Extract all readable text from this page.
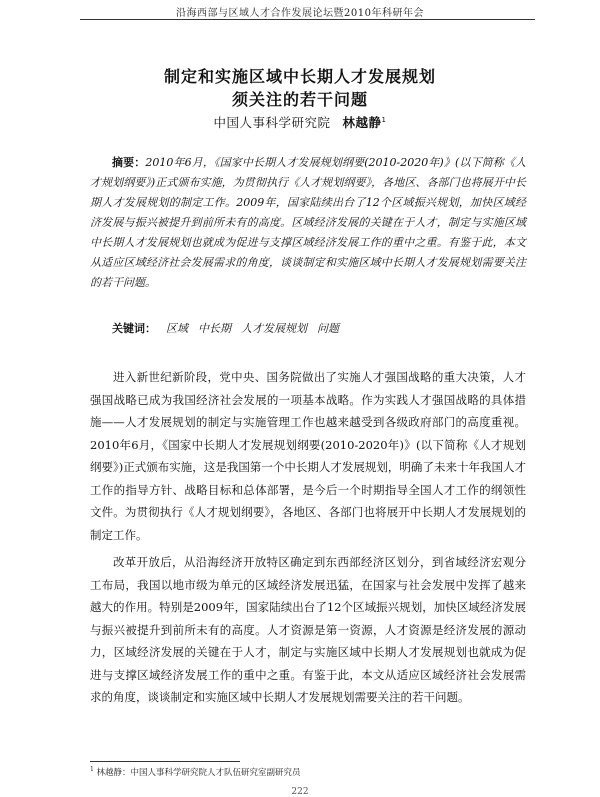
沿海西部与区域人才合作发展论坛暨2010年科研年会
制定和实施区域中长期人才发展规划
须关注的若干问题
中国人事科学研究院 林越静$^1$

摘要：2010年6月，《国家中长期人才发展规划纲要(2010-2020年)》(以下简称《人才规划纲要》)正式颁布实施，为贯彻执行《人才规划纲要》，各地区、各部门也将展开中长期人才发展规划的制定工作。2009年，国家陆续出台了12个区域振兴规划，加快区域经济发展与振兴被提升到前所未有的高度。区域经济发展的关键在于人才，制定与实施区域中长期人才发展规划也就成为促进与支撑区域经济发展工作的重中之重。有鉴于此，本文从适应区域经济社会发展需求的角度，谈谈制定和实施区域中长期人才发展规划需要关注的若干问题。

关键词： 区域 中长期 人才发展规划 问题

进入新世纪新阶段，党中央、国务院做出了实施人才强国战略的重大决策，人才强国战略已成为我国经济社会发展的一项基本战略。作为实践人才强国战略的具体措施——人才发展规划的制定与实施管理工作也越来越受到各级政府部门的高度重视。2010年6月，《国家中长期人才发展规划纲要(2010-2020年)》(以下简称《人才规划纲要》)正式颁布实施，这是我国第一个中长期人才发展规划，明确了未来十年我国人才工作的指导方针、战略目标和总体部署，是今后一个时期指导全国人才工作的纲领性文件。为贯彻执行《人才规划纲要》，各地区、各部门也将展开中长期人才发展规划的制定工作。

改革开放后，从沿海经济开放特区确定到东西部经济区划分，到省域经济宏观分工布局，我国以地市级为单元的区域经济发展迅猛，在国家与社会发展中发挥了越来越大的作用。特别是2009年，国家陆续出台了12个区域振兴规划，加快区域经济发展与振兴被提升到前所未有的高度。人才资源是第一资源，人才资源是经济发展的源动力，区域经济发展的关键在于人才，制定与实施区域中长期人才发展规划也就成为促进与支撑区域经济发展工作的重中之重。有鉴于此，本文从适应区域经济社会发展需求的角度，谈谈制定和实施区域中长期人才发展规划需要关注的若干问题。

$^1$ 林越静：中国人事科学研究院人才队伍研究室副研究员
222
